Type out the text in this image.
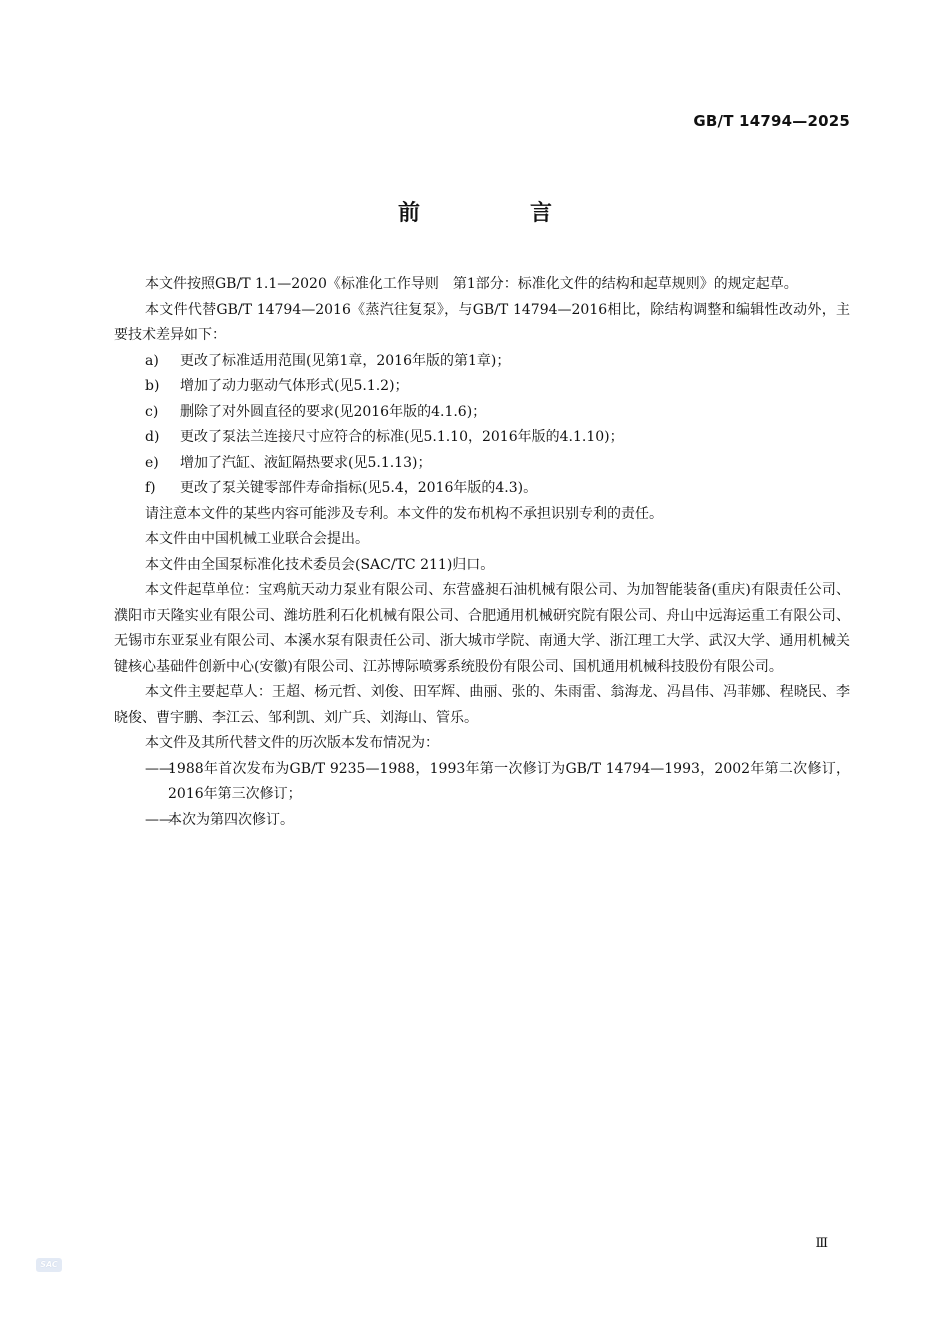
GB/T 14794—2025
前　言

本文件按照GB/T 1.1—2020《标准化工作导则　第1部分：标准化文件的结构和起草规则》的规定起草。

本文件代替GB/T 14794—2016《蒸汽往复泵》，与GB/T 14794—2016相比，除结构调整和编辑性改动外，主要技术差异如下：

a)	更改了标准适用范围(见第1章，2016年版的第1章)；

b)	增加了动力驱动气体形式(见5.1.2)；

c)	删除了对外圆直径的要求(见2016年版的4.1.6)；

d)	更改了泵法兰连接尺寸应符合的标准(见5.1.10，2016年版的4.1.10)；

e)	增加了汽缸、液缸隔热要求(见5.1.13)；

f)	更改了泵关键零部件寿命指标(见5.4，2016年版的4.3)。

请注意本文件的某些内容可能涉及专利。本文件的发布机构不承担识别专利的责任。

本文件由中国机械工业联合会提出。

本文件由全国泵标准化技术委员会(SAC/TC 211)归口。

本文件起草单位：宝鸡航天动力泵业有限公司、东营盛昶石油机械有限公司、为加智能装备(重庆)有限责任公司、濮阳市天隆实业有限公司、潍坊胜利石化机械有限公司、合肥通用机械研究院有限公司、舟山中远海运重工有限公司、无锡市东亚泵业有限公司、本溪水泵有限责任公司、浙大城市学院、南通大学、浙江理工大学、武汉大学、通用机械关键核心基础件创新中心(安徽)有限公司、江苏博际喷雾系统股份有限公司、国机通用机械科技股份有限公司。

本文件主要起草人：王超、杨元哲、刘俊、田军辉、曲丽、张的、朱雨雷、翁海龙、冯昌伟、冯菲娜、程晓民、李晓俊、曹宇鹏、李江云、邹利凯、刘广兵、刘海山、管乐。

本文件及其所代替文件的历次版本发布情况为：

——
1988年首次发布为GB/T 9235—1988，1993年第一次修订为GB/T 14794—1993，2002年第二次修订，2016年第三次修订；

——
本次为第四次修订。

Ⅲ
SAC
